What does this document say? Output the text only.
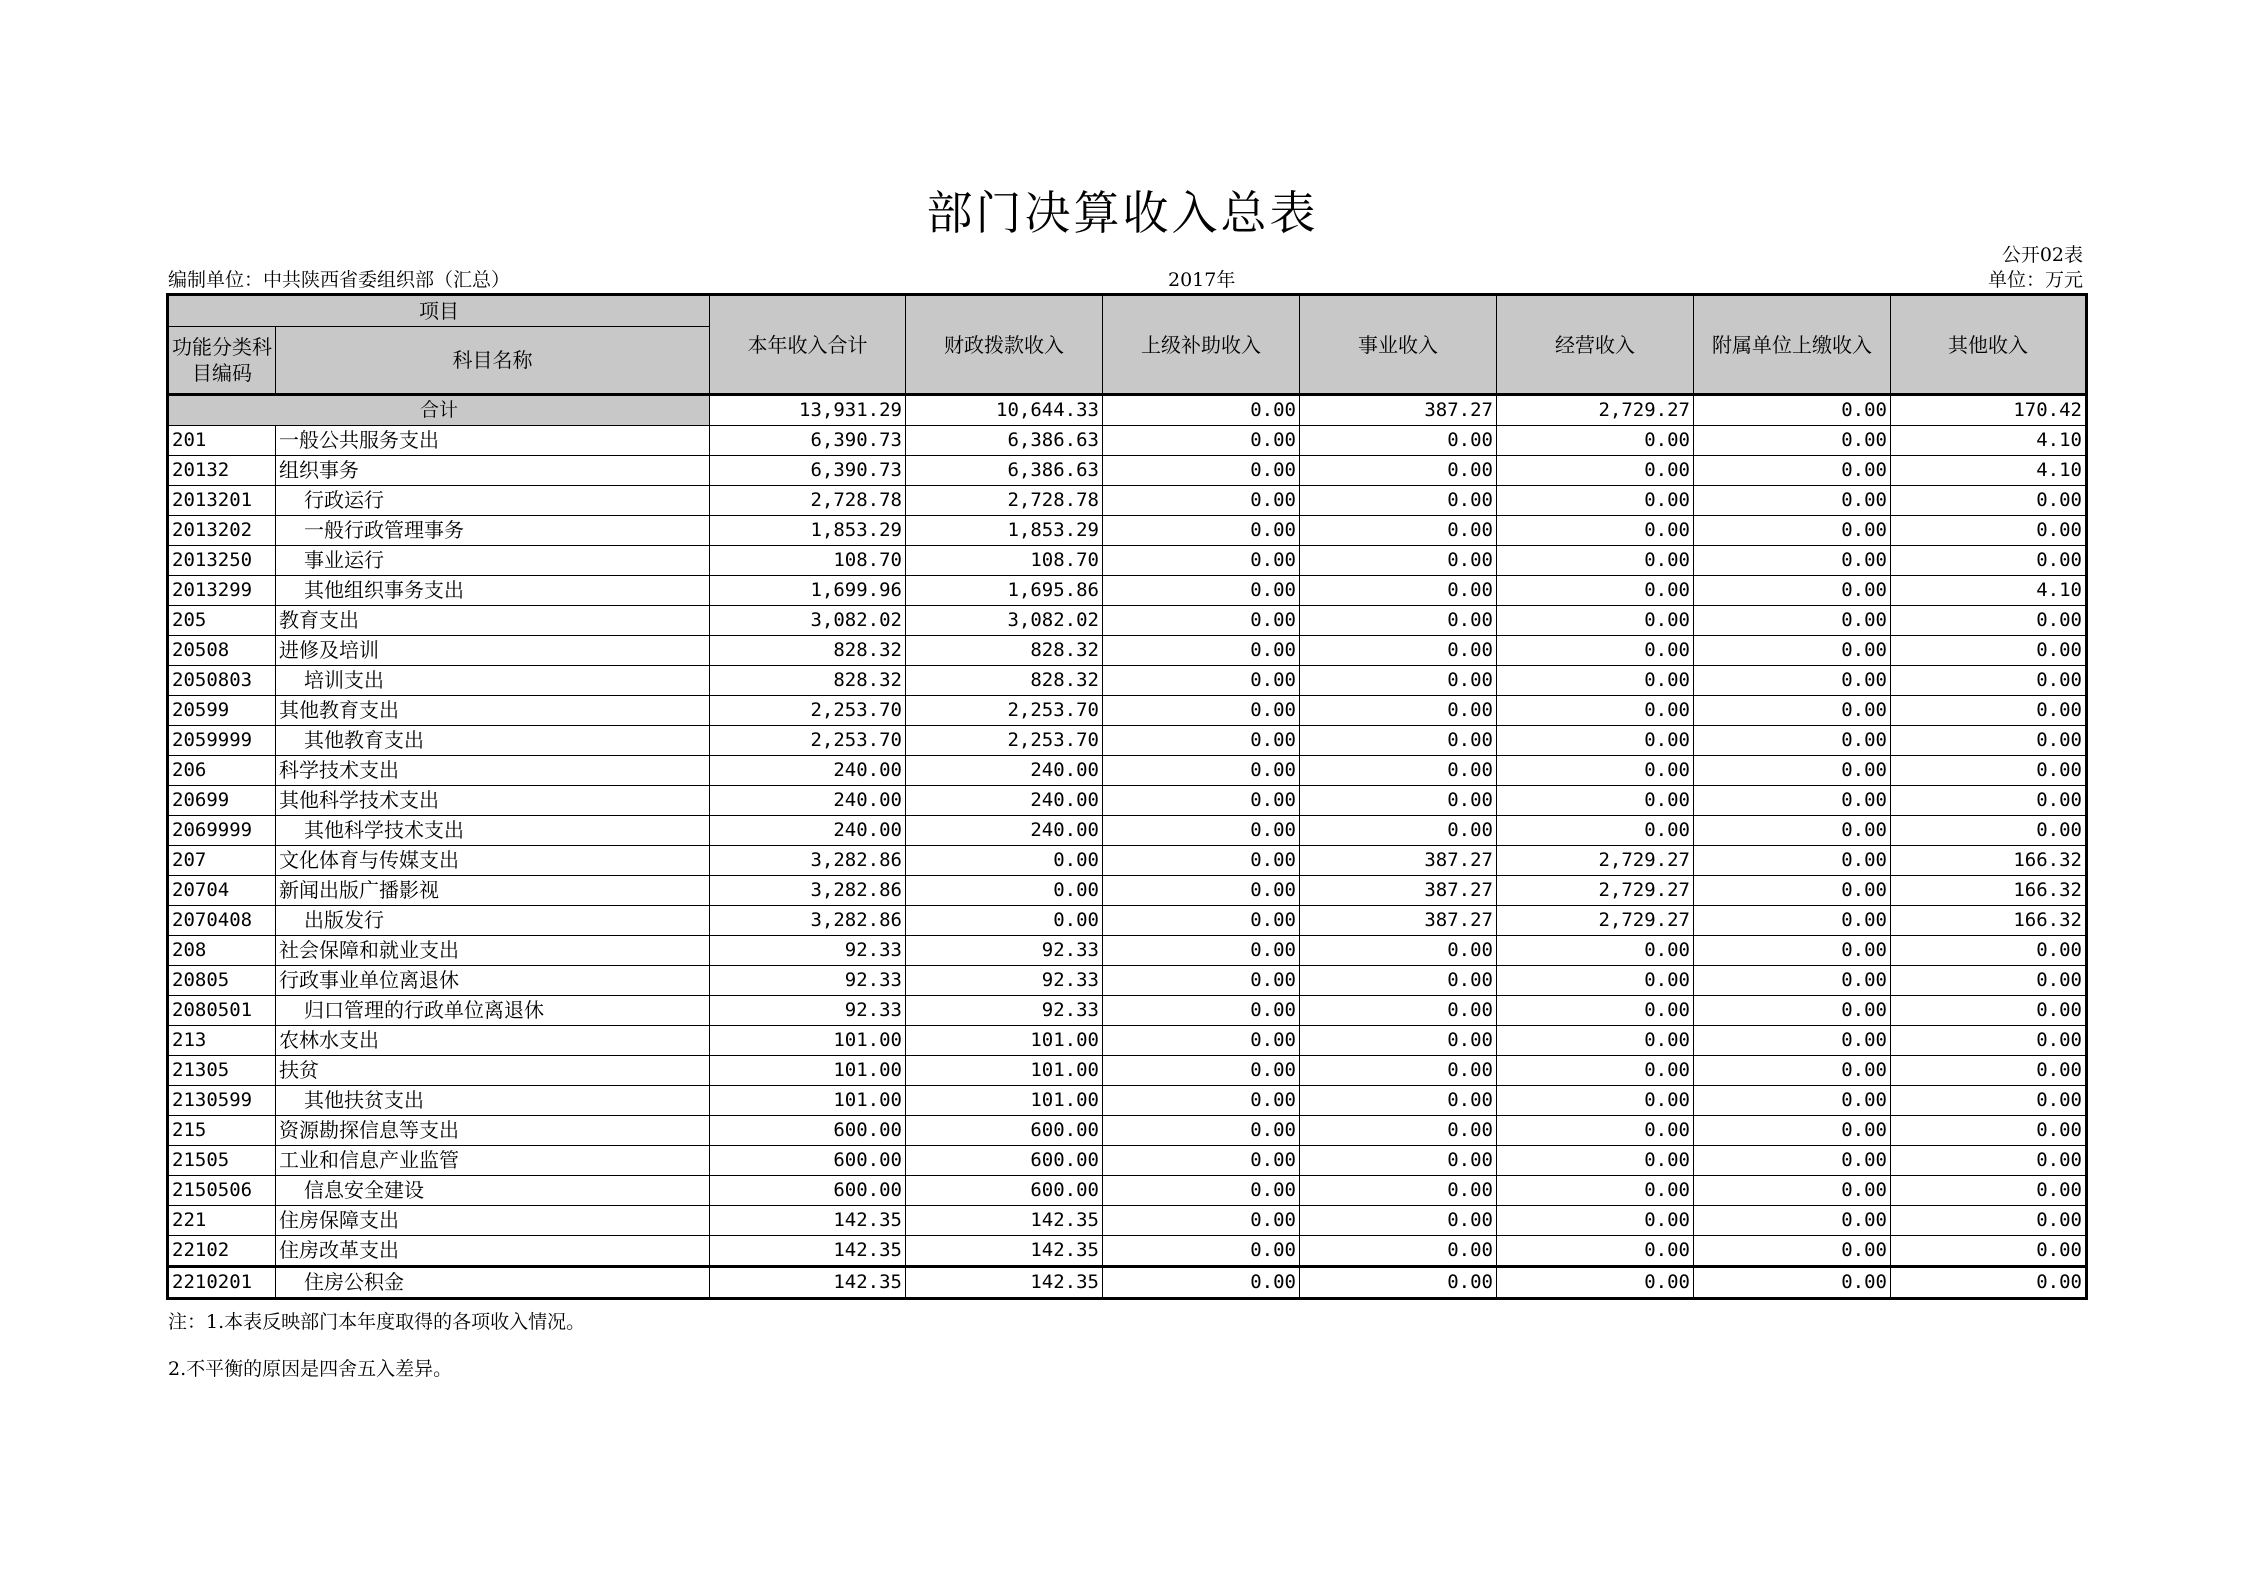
部门决算收入总表
公开02表
编制单位：中共陕西省委组织部（汇总）	2017年	单位：万元
项目		本年收入合计	财政拨款收入	上级补助收入	事业收入	经营收入	附属单位上缴收入	其他收入
功能分类科目编码	科目名称							
合计		13,931.29	10,644.33	0.00	387.27	2,729.27	0.00	170.42
201	一般公共服务支出	6,390.73	6,386.63	0.00	0.00	0.00	0.00	4.10
20132	组织事务	6,390.73	6,386.63	0.00	0.00	0.00	0.00	4.10
2013201	行政运行	2,728.78	2,728.78	0.00	0.00	0.00	0.00	0.00
2013202	一般行政管理事务	1,853.29	1,853.29	0.00	0.00	0.00	0.00	0.00
2013250	事业运行	108.70	108.70	0.00	0.00	0.00	0.00	0.00
2013299	其他组织事务支出	1,699.96	1,695.86	0.00	0.00	0.00	0.00	4.10
205	教育支出	3,082.02	3,082.02	0.00	0.00	0.00	0.00	0.00
20508	进修及培训	828.32	828.32	0.00	0.00	0.00	0.00	0.00
2050803	培训支出	828.32	828.32	0.00	0.00	0.00	0.00	0.00
20599	其他教育支出	2,253.70	2,253.70	0.00	0.00	0.00	0.00	0.00
2059999	其他教育支出	2,253.70	2,253.70	0.00	0.00	0.00	0.00	0.00
206	科学技术支出	240.00	240.00	0.00	0.00	0.00	0.00	0.00
20699	其他科学技术支出	240.00	240.00	0.00	0.00	0.00	0.00	0.00
2069999	其他科学技术支出	240.00	240.00	0.00	0.00	0.00	0.00	0.00
207	文化体育与传媒支出	3,282.86	0.00	0.00	387.27	2,729.27	0.00	166.32
20704	新闻出版广播影视	3,282.86	0.00	0.00	387.27	2,729.27	0.00	166.32
2070408	出版发行	3,282.86	0.00	0.00	387.27	2,729.27	0.00	166.32
208	社会保障和就业支出	92.33	92.33	0.00	0.00	0.00	0.00	0.00
20805	行政事业单位离退休	92.33	92.33	0.00	0.00	0.00	0.00	0.00
2080501	归口管理的行政单位离退休	92.33	92.33	0.00	0.00	0.00	0.00	0.00
213	农林水支出	101.00	101.00	0.00	0.00	0.00	0.00	0.00
21305	扶贫	101.00	101.00	0.00	0.00	0.00	0.00	0.00
2130599	其他扶贫支出	101.00	101.00	0.00	0.00	0.00	0.00	0.00
215	资源勘探信息等支出	600.00	600.00	0.00	0.00	0.00	0.00	0.00
21505	工业和信息产业监管	600.00	600.00	0.00	0.00	0.00	0.00	0.00
2150506	信息安全建设	600.00	600.00	0.00	0.00	0.00	0.00	0.00
221	住房保障支出	142.35	142.35	0.00	0.00	0.00	0.00	0.00
22102	住房改革支出	142.35	142.35	0.00	0.00	0.00	0.00	0.00
2210201	住房公积金	142.35	142.35	0.00	0.00	0.00	0.00	0.00
注：1.本表反映部门本年度取得的各项收入情况。
2.不平衡的原因是四舍五入差异。
